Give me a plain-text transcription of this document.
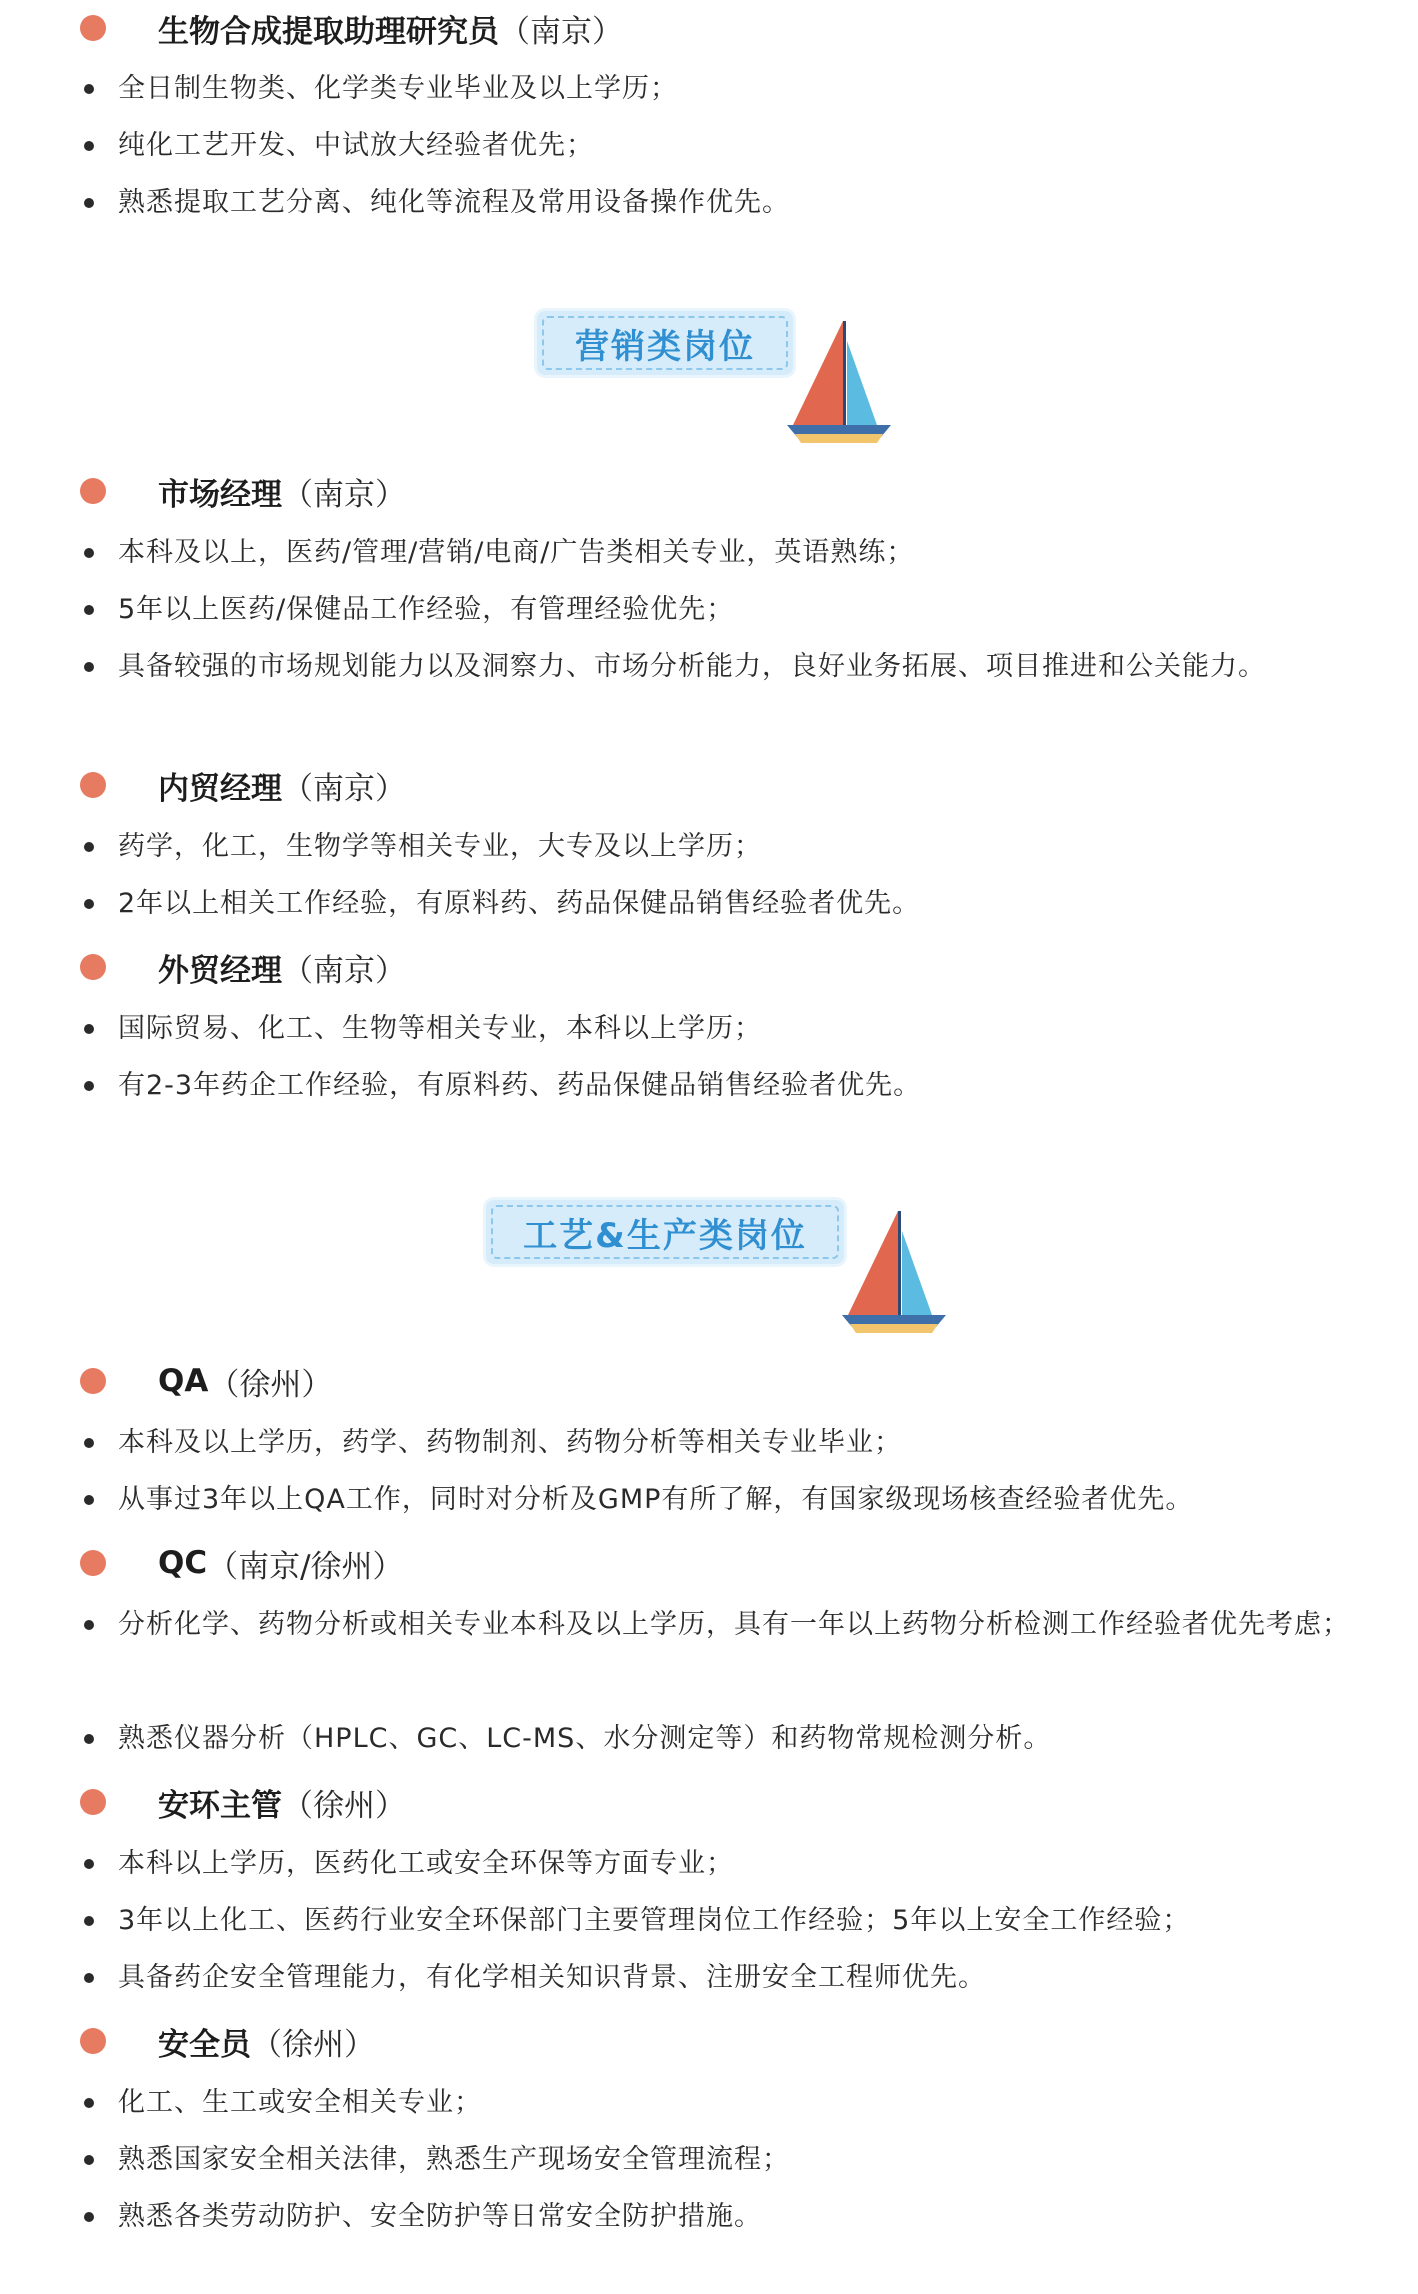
生物合成提取助理研究员 （南京）
全日制生物类、化学类专业毕业及以上学历；
纯化工艺开发、中试放大经验者优先；
熟悉提取工艺分离、纯化等流程及常用设备操作优先。
营销类岗位
市场经理 （南京）
本科及以上，医药/管理/营销/电商/广告类相关专业，英语熟练；
5年以上医药/保健品工作经验，有管理经验优先；
具备较强的市场规划能力以及洞察力、市场分析能力，良好业务拓展、项目推进和公关能力。
内贸经理 （南京）
药学，化工，生物学等相关专业，大专及以上学历；
2年以上相关工作经验，有原料药、药品保健品销售经验者优先。
外贸经理 （南京）
国际贸易、化工、生物等相关专业，本科以上学历；
有2-3年药企工作经验，有原料药、药品保健品销售经验者优先。
工艺&生产类岗位
QA （徐州）
本科及以上学历，药学、药物制剂、药物分析等相关专业毕业；
从事过3年以上QA工作，同时对分析及GMP有所了解，有国家级现场核查经验者优先。
QC （南京/徐州）
分析化学、药物分析或相关专业本科及以上学历，具有一年以上药物分析检测工作经验者优先考虑；
熟悉仪器分析（HPLC、GC、LC-MS、水分测定等）和药物常规检测分析。
安环主管 （徐州）
本科以上学历，医药化工或安全环保等方面专业；
3年以上化工、医药行业安全环保部门主要管理岗位工作经验；5年以上安全工作经验；
具备药企安全管理能力，有化学相关知识背景、注册安全工程师优先。
安全员 （徐州）
化工、生工或安全相关专业；
熟悉国家安全相关法律，熟悉生产现场安全管理流程；
熟悉各类劳动防护、安全防护等日常安全防护措施。
